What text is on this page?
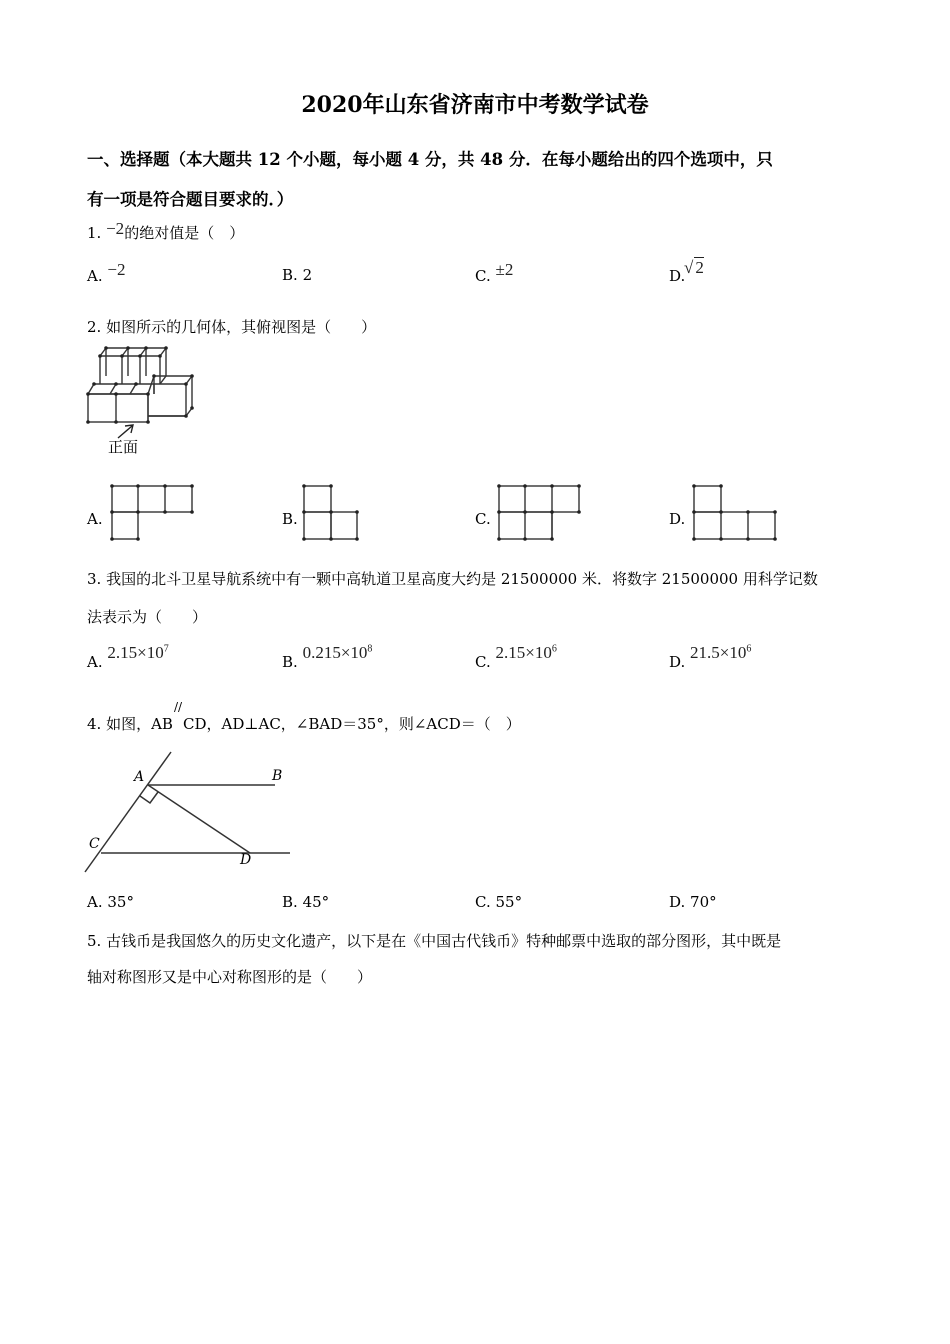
2020年山东省济南市中考数学试卷
一、选择题（本大题共 12 个小题，每小题 4 分，共 48 分．在每小题给出的四个选项中，只
有一项是符合题目要求的．）
1. −2的绝对值是（　）
A. −2	B. 2	C. ±2	D. √ 2
2. 如图所示的几何体，其俯视图是（　　）
正面
A.	B.	C.	D.
3. 我国的北斗卫星导航系统中有一颗中高轨道卫星高度大约是 21500000 米．将数字 21500000 用科学记数
法表示为（　　）
A. $2.15\times 10^7$
B. $0.215\times 10^8$
C. $2.15\times 10^6$
D. $21.5\times 10^6$
4. 如图，AB//CD，AD⊥AC，∠BAD＝35°，则∠ACD＝（　）
A	B
C
D
A. 35°	B. 45°	C. 55°	D. 70°
5. 古钱币是我国悠久的历史文化遗产，以下是在《中国古代钱币》特种邮票中选取的部分图形，其中既是
轴对称图形又是中心对称图形的是（　　）
